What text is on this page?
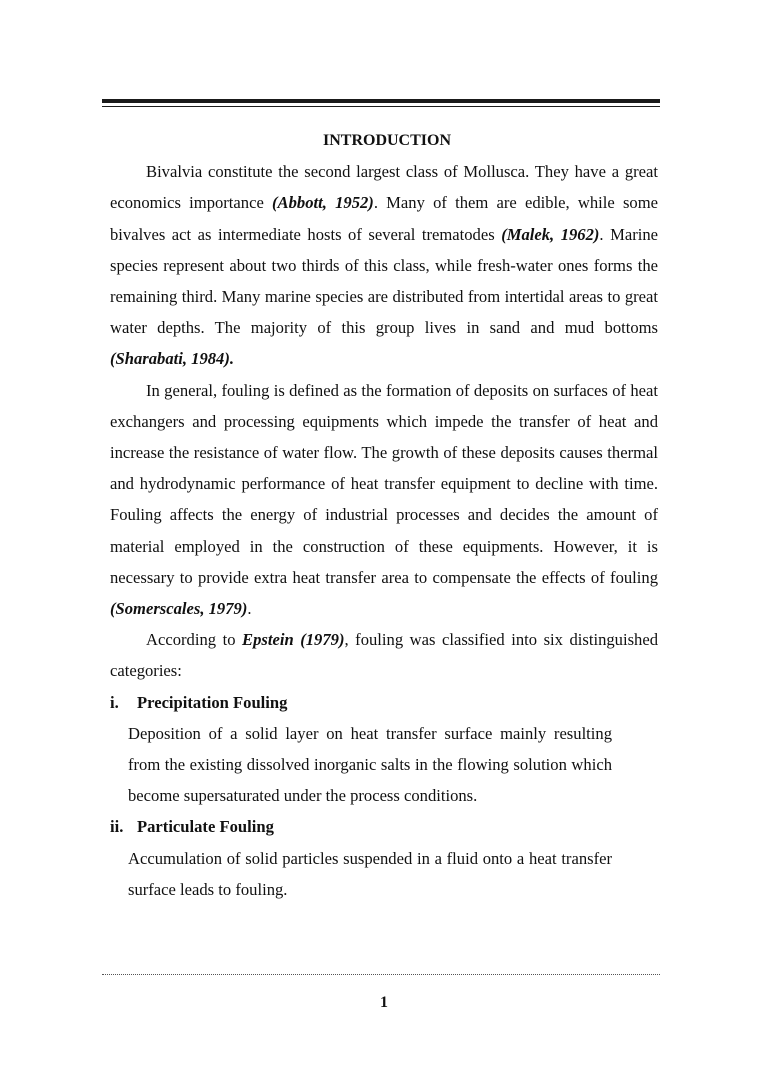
INTRODUCTION

Bivalvia constitute the second largest class of Mollusca. They have a great economics importance (Abbott, 1952). Many of them are edible, while some bivalves act as intermediate hosts of several trematodes (Malek, 1962). Marine species represent about two thirds of this class, while fresh-water ones forms the remaining third. Many marine species are distributed from intertidal areas to great water depths. The majority of this group lives in sand and mud bottoms (Sharabati, 1984).

In general, fouling is defined as the formation of deposits on surfaces of heat exchangers and processing equipments which impede the transfer of heat and increase the resistance of water flow. The growth of these deposits causes thermal and hydrodynamic performance of heat transfer equipment to decline with time. Fouling affects the energy of industrial processes and decides the amount of material employed in the construction of these equipments. However, it is necessary to provide extra heat transfer area to compensate the effects of fouling (Somerscales, 1979).

According to Epstein (1979), fouling was classified into six distinguished categories:

i. Precipitation Fouling

Deposition of a solid layer on heat transfer surface mainly resulting from the existing dissolved inorganic salts in the flowing solution which become supersaturated under the process conditions.

ii. Particulate Fouling

Accumulation of solid particles suspended in a fluid onto a heat transfer surface leads to fouling.

1
